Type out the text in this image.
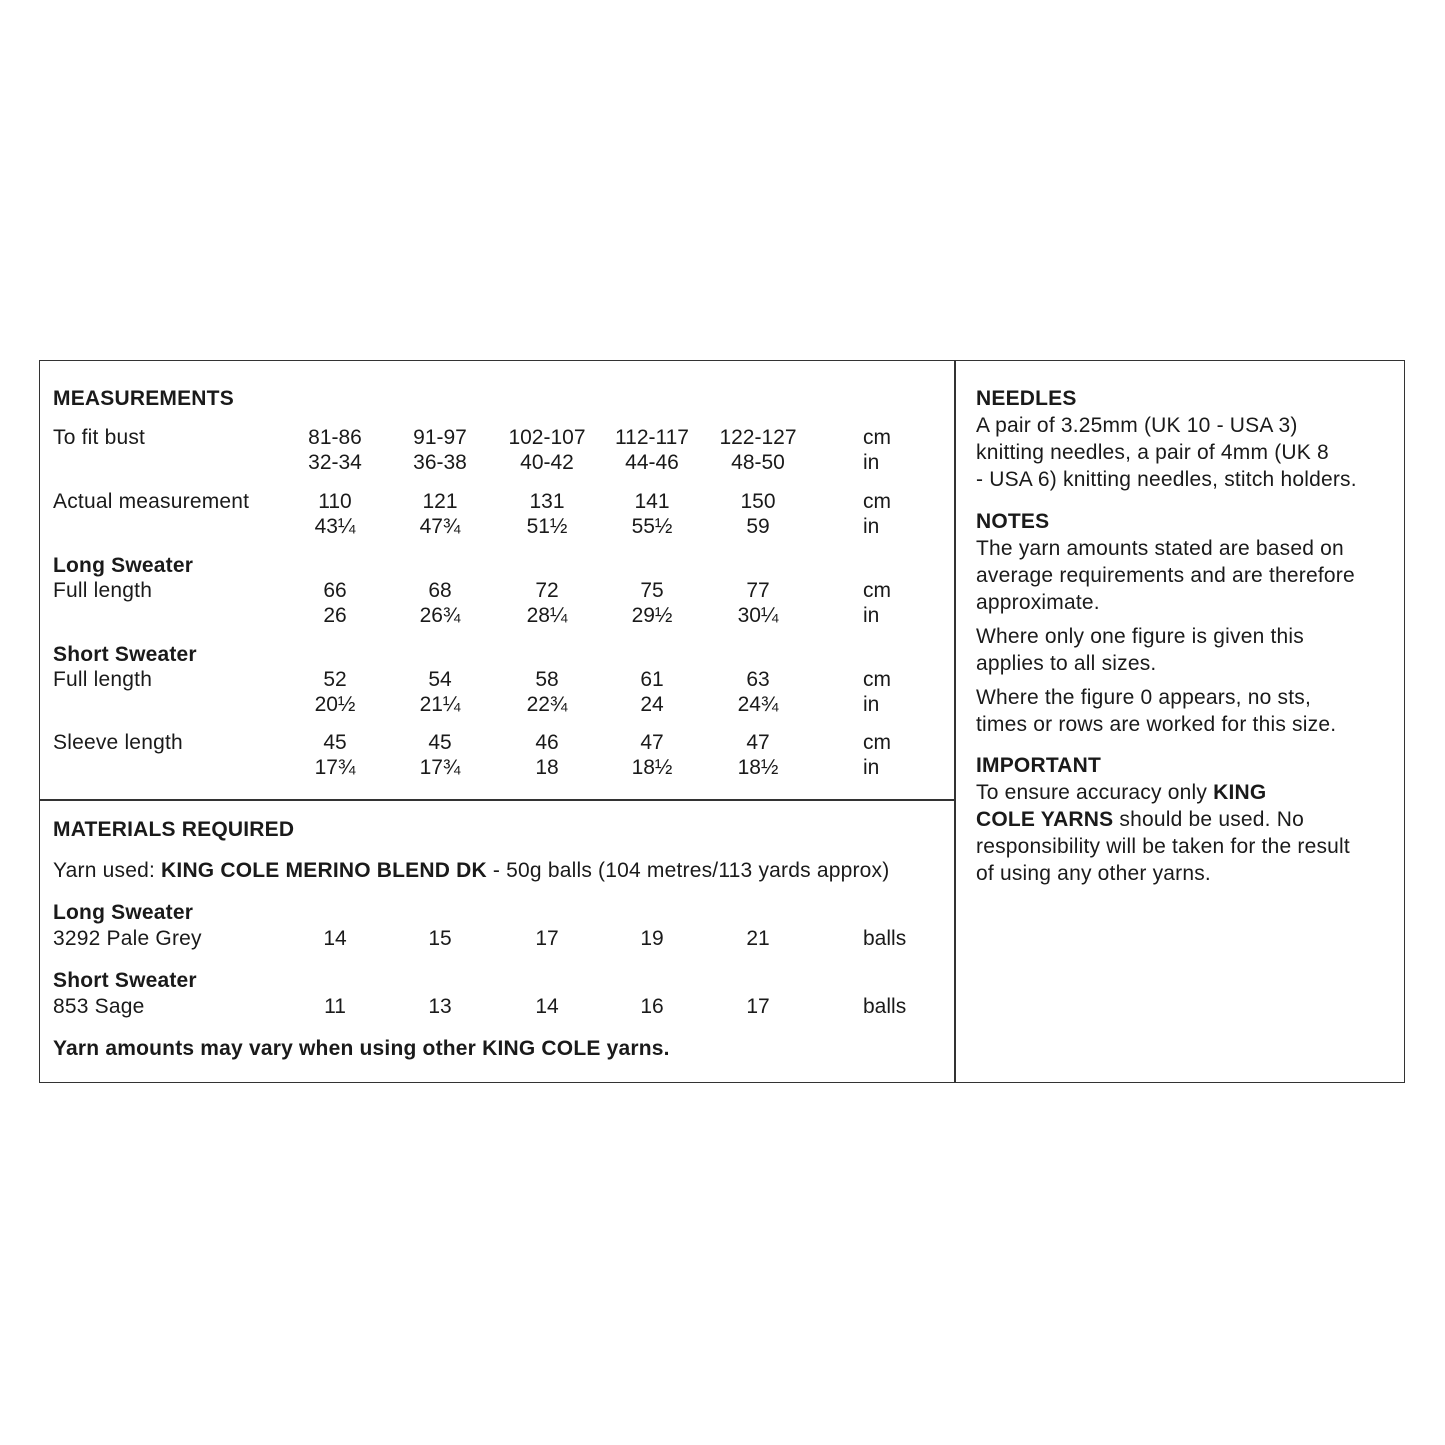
MEASUREMENTS
To fit bust	81-86	91-97	102-107	112-117	122-127	cm
32-34	36-38	40-42	44-46	48-50	in
Actual measurement	110	121	131	141	150	cm
43¼	47¾	51½	55½	59	in
Long Sweater
Full length	66	68	72	75	77	cm
26	26¾	28¼	29½	30¼	in
Short Sweater
Full length	52	54	58	61	63	cm
20½	21¼	22¾	24	24¾	in
Sleeve length	45	45	46	47	47	cm
17¾	17¾	18	18½	18½	in
MATERIALS REQUIRED
Yarn used: KING COLE MERINO BLEND DK - 50g balls (104 metres/113 yards approx)
Long Sweater
3292 Pale Grey	14	15	17	19	21	balls
Short Sweater
853 Sage	11	13	14	16	17	balls
Yarn amounts may vary when using other KING COLE yarns.
NEEDLES
A pair of 3.25mm (UK 10 - USA 3)
knitting needles, a pair of 4mm (UK 8
- USA 6) knitting needles, stitch holders.
NOTES
The yarn amounts stated are based on
average requirements and are therefore
approximate.
Where only one figure is given this
applies to all sizes.
Where the figure 0 appears, no sts,
times or rows are worked for this size.
IMPORTANT
To ensure accuracy only KING
COLE YARNS should be used. No
responsibility will be taken for the result
of using any other yarns.
